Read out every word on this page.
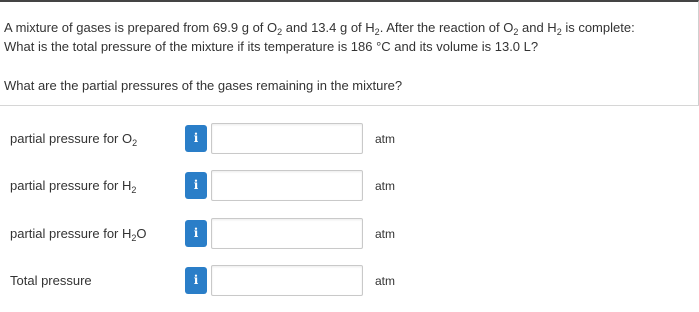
A mixture of gases is prepared from 69.9 g of $O_2$ and 13.4 g of $H_2$. After the reaction of $O_2$ and $H_2$ is complete:

What is the total pressure of the mixture if its temperature is 186 °C and its volume is 13.0 L?

What are the partial pressures of the gases remaining in the mixture?
partial pressure for $O_2$	i	atm
partial pressure for $H_2$	i	atm
partial pressure for $H_2O$	i	atm
Total pressure	i	atm
